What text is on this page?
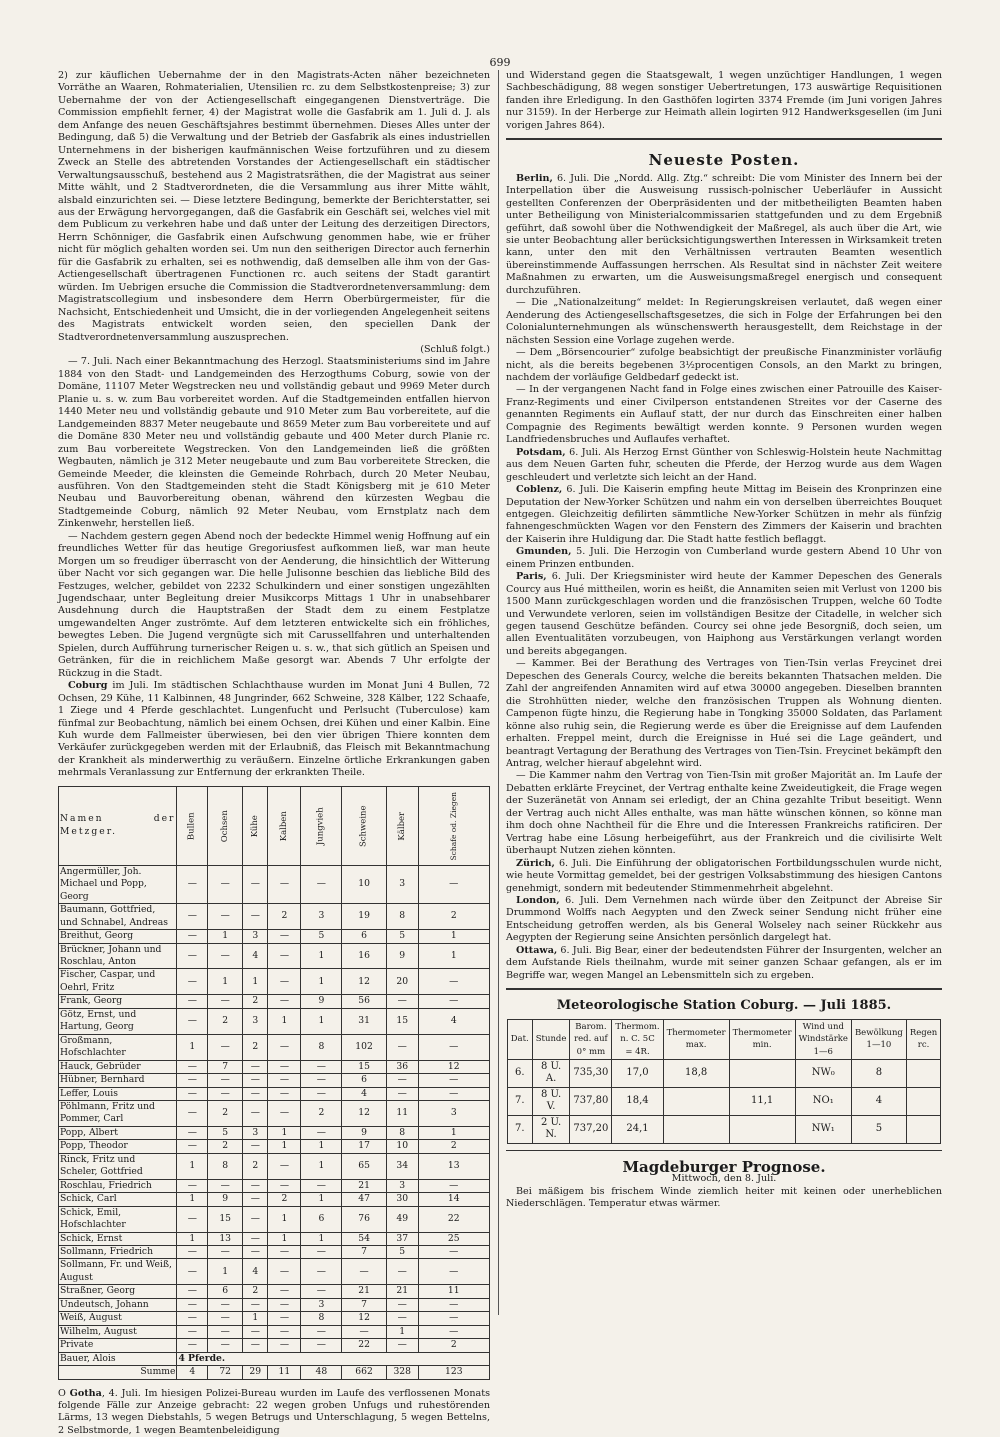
699

2) zur käuflichen Uebernahme der in den Magistrats-Acten näher bezeichneten Vorräthe an Waaren, Rohmaterialien, Utensilien rc. zu dem Selbstkostenpreise; 3) zur Uebernahme der von der Actiengesellschaft eingegangenen Dienstverträge. Die Commission empfiehlt ferner, 4) der Magistrat wolle die Gasfabrik am 1. Juli d. J. als dem Anfange des neuen Geschäftsjahres bestimmt übernehmen. Dieses Alles unter der Bedingung, daß 5) die Verwaltung und der Betrieb der Gasfabrik als eines industriellen Unternehmens in der bisherigen kaufmännischen Weise fortzuführen und zu diesem Zweck an Stelle des abtretenden Vorstandes der Actiengesellschaft ein städtischer Verwaltungsausschuß, bestehend aus 2 Magistratsräthen, die der Magistrat aus seiner Mitte wählt, und 2 Stadtverordneten, die die Versammlung aus ihrer Mitte wählt, alsbald einzurichten sei. — Diese letztere Bedingung, bemerkte der Berichterstatter, sei aus der Erwägung hervorgegangen, daß die Gasfabrik ein Geschäft sei, welches viel mit dem Publicum zu verkehren habe und daß unter der Leitung des derzeitigen Directors, Herrn Schönniger, die Gasfabrik einen Aufschwung genommen habe, wie er früher nicht für möglich gehalten worden sei. Um nun den seitherigen Director auch fernerhin für die Gasfabrik zu erhalten, sei es nothwendig, daß demselben alle ihm von der Gas-Actiengesellschaft übertragenen Functionen rc. auch seitens der Stadt garantirt würden. Im Uebrigen ersuche die Commission die Stadtverordnetenversammlung: dem Magistratscollegium und insbesondere dem Herrn Oberbürgermeister, für die Nachsicht, Entschiedenheit und Umsicht, die in der vorliegenden Angelegenheit seitens des Magistrats entwickelt worden seien, den speciellen Dank der Stadtverordnetenversammlung auszusprechen.

(Schluß folgt.)

— 7. Juli. Nach einer Bekanntmachung des Herzogl. Staatsministeriums sind im Jahre 1884 von den Stadt- und Landgemeinden des Herzogthums Coburg, sowie von der Domäne, 11107 Meter Wegstrecken neu und vollständig gebaut und 9969 Meter durch Planie u. s. w. zum Bau vorbereitet worden. Auf die Stadtgemeinden entfallen hiervon 1440 Meter neu und vollständig gebaute und 910 Meter zum Bau vorbereitete, auf die Landgemeinden 8837 Meter neugebaute und 8659 Meter zum Bau vorbereitete und auf die Domäne 830 Meter neu und vollständig gebaute und 400 Meter durch Planie rc. zum Bau vorbereitete Wegstrecken. Von den Landgemeinden ließ die größten Wegbauten, nämlich je 312 Meter neugebaute und zum Bau vorbereitete Strecken, die Gemeinde Meeder, die kleinsten die Gemeinde Rohrbach, durch 20 Meter Neubau, ausführen. Von den Stadtgemeinden steht die Stadt Königsberg mit je 610 Meter Neubau und Bauvorbereitung obenan, während den kürzesten Wegbau die Stadtgemeinde Coburg, nämlich 92 Meter Neubau, vom Ernstplatz nach dem Zinkenwehr, herstellen ließ.

— Nachdem gestern gegen Abend noch der bedeckte Himmel wenig Hoffnung auf ein freundliches Wetter für das heutige Gregoriusfest aufkommen ließ, war man heute Morgen um so freudiger überrascht von der Aenderung, die hinsichtlich der Witterung über Nacht vor sich gegangen war. Die helle Julisonne beschien das liebliche Bild des Festzuges, welcher, gebildet von 2232 Schulkindern und einer sonstigen ungezählten Jugendschaar, unter Begleitung dreier Musikcorps Mittags 1 Uhr in unabsehbarer Ausdehnung durch die Hauptstraßen der Stadt dem zu einem Festplatze umgewandelten Anger zuströmte. Auf dem letzteren entwickelte sich ein fröhliches, bewegtes Leben. Die Jugend vergnügte sich mit Carussellfahren und unterhaltenden Spielen, durch Aufführung turnerischer Reigen u. s. w., that sich gütlich an Speisen und Getränken, für die in reichlichem Maße gesorgt war. Abends 7 Uhr erfolgte der Rückzug in die Stadt.

Coburg im Juli. Im städtischen Schlachthause wurden im Monat Juni 4 Bullen, 72 Ochsen, 29 Kühe, 11 Kalbinnen, 48 Jungrinder, 662 Schweine, 328 Kälber, 122 Schaafe, 1 Ziege und 4 Pferde geschlachtet. Lungenfucht und Perlsucht (Tuberculose) kam fünfmal zur Beobachtung, nämlich bei einem Ochsen, drei Kühen und einer Kalbin. Eine Kuh wurde dem Fallmeister überwiesen, bei den vier übrigen Thiere konnten dem Verkäufer zurückgegeben werden mit der Erlaubniß, das Fleisch mit Bekanntmachung der Krankheit als minderwerthig zu veräußern. Einzelne örtliche Erkrankungen gaben mehrmals Veranlassung zur Entfernung der erkrankten Theile.

Namen der Metzger.	Bullen	Ochsen	Kühe	Kalben	Jungvieh	Schweine	Kälber	Schafe od. Ziegen
Angermüller, Joh. Michael und Popp, Georg	—	—	—	—	—	10	3	—
Baumann, Gottfried, und Schnabel, Andreas	—	—	—	2	3	19	8	2
Breithut, Georg	—	1	3	—	5	6	5	1
Brückner, Johann und Roschlau, Anton	—	—	4	—	1	16	9	1
Fischer, Caspar, und Oehrl, Fritz	—	1	1	—	1	12	20	—
Frank, Georg	—	—	2	—	9	56	—	—
Götz, Ernst, und Hartung, Georg	—	2	3	1	1	31	15	4
Großmann, Hofschlachter	1	—	2	—	8	102	—	—
Hauck, Gebrüder	—	7	—	—	—	15	36	12
Hübner, Bernhard	—	—	—	—	—	6	—	—
Leffer, Louis	—	—	—	—	—	4	—	—
Pöhlmann, Fritz und Pommer, Carl	—	2	—	—	2	12	11	3
Popp, Albert	—	5	3	1	—	9	8	1
Popp, Theodor	—	2	—	1	1	17	10	2
Rinck, Fritz und Scheler, Gottfried	1	8	2	—	1	65	34	13
Roschlau, Friedrich	—	—	—	—	—	21	3	—
Schick, Carl	1	9	—	2	1	47	30	14
Schick, Emil, Hofschlachter	—	15	—	1	6	76	49	22
Schick, Ernst	1	13	—	1	1	54	37	25
Sollmann, Friedrich	—	—	—	—	—	7	5	—
Sollmann, Fr. und Weiß, August	—	1	4	—	—	—	—	—
Straßner, Georg	—	6	2	—	—	21	21	11
Undeutsch, Johann	—	—	—	—	3	7	—	—
Weiß, August	—	—	1	—	8	12	—	—
Wilhelm, August	—	—	—	—	—	—	1	—
Private	—	—	—	—	—	22	—	2
Bauer, Alois	4 Pferde.							
Summe	4	72	29	11	48	662	328	123

O Gotha, 4. Juli. Im hiesigen Polizei-Bureau wurden im Laufe des verflossenen Monats folgende Fälle zur Anzeige gebracht: 22 wegen groben Unfugs und ruhestörenden Lärms, 13 wegen Diebstahls, 5 wegen Betrugs und Unterschlagung, 5 wegen Bettelns, 2 Selbstmorde, 1 wegen Beamtenbeleidigung

und Widerstand gegen die Staatsgewalt, 1 wegen unzüchtiger Handlungen, 1 wegen Sachbeschädigung, 88 wegen sonstiger Uebertretungen, 173 auswärtige Requisitionen fanden ihre Erledigung. In den Gasthöfen logirten 3374 Fremde (im Juni vorigen Jahres nur 3159). In der Herberge zur Heimath allein logirten 912 Handwerksgesellen (im Juni vorigen Jahres 864).

Neueste Posten.

Berlin, 6. Juli. Die „Nordd. Allg. Ztg.“ schreibt: Die vom Minister des Innern bei der Interpellation über die Ausweisung russisch-polnischer Ueberläufer in Aussicht gestellten Conferenzen der Oberpräsidenten und der mitbetheiligten Beamten haben unter Betheiligung von Ministerialcommissarien stattgefunden und zu dem Ergebniß geführt, daß sowohl über die Nothwendigkeit der Maßregel, als auch über die Art, wie sie unter Beobachtung aller berücksichtigungswerthen Interessen in Wirksamkeit treten kann, unter den mit den Verhältnissen vertrauten Beamten wesentlich übereinstimmende Auffassungen herrschen. Als Resultat sind in nächster Zeit weitere Maßnahmen zu erwarten, um die Ausweisungsmaßregel energisch und consequent durchzuführen.

— Die „Nationalzeitung“ meldet: In Regierungskreisen verlautet, daß wegen einer Aenderung des Actiengesellschaftsgesetzes, die sich in Folge der Erfahrungen bei den Colonialunternehmungen als wünschenswerth herausgestellt, dem Reichstage in der nächsten Session eine Vorlage zugehen werde.

— Dem „Börsencourier“ zufolge beabsichtigt der preußische Finanzminister vorläufig nicht, als die bereits begebenen 3½procentigen Consols, an den Markt zu bringen, nachdem der vorläufige Geldbedarf gedeckt ist.

— In der vergangenen Nacht fand in Folge eines zwischen einer Patrouille des Kaiser-Franz-Regiments und einer Civilperson entstandenen Streites vor der Caserne des genannten Regiments ein Auflauf statt, der nur durch das Einschreiten einer halben Compagnie des Regiments bewältigt werden konnte. 9 Personen wurden wegen Landfriedensbruches und Auflaufes verhaftet.

Potsdam, 6. Juli. Als Herzog Ernst Günther von Schleswig-Holstein heute Nachmittag aus dem Neuen Garten fuhr, scheuten die Pferde, der Herzog wurde aus dem Wagen geschleudert und verletzte sich leicht an der Hand.

Coblenz, 6. Juli. Die Kaiserin empfing heute Mittag im Beisein des Kronprinzen eine Deputation der New-Yorker Schützen und nahm ein von derselben überreichtes Bouquet entgegen. Gleichzeitig defilirten sämmtliche New-Yorker Schützen in mehr als fünfzig fahnengeschmückten Wagen vor den Fenstern des Zimmers der Kaiserin und brachten der Kaiserin ihre Huldigung dar. Die Stadt hatte festlich beflaggt.

Gmunden, 5. Juli. Die Herzogin von Cumberland wurde gestern Abend 10 Uhr von einem Prinzen entbunden.

Paris, 6. Juli. Der Kriegsminister wird heute der Kammer Depeschen des Generals Courcy aus Hué mittheilen, worin es heißt, die Annamiten seien mit Verlust von 1200 bis 1500 Mann zurückgeschlagen worden und die französischen Truppen, welche 60 Todte und Verwundete verloren, seien im vollständigen Besitze der Citadelle, in welcher sich gegen tausend Geschütze befänden. Courcy sei ohne jede Besorgniß, doch seien, um allen Eventualitäten vorzubeugen, von Haiphong aus Verstärkungen verlangt worden und bereits abgegangen.

— Kammer. Bei der Berathung des Vertrages von Tien-Tsin verlas Freycinet drei Depeschen des Generals Courcy, welche die bereits bekannten Thatsachen melden. Die Zahl der angreifenden Annamiten wird auf etwa 30000 angegeben. Dieselben brannten die Strohhütten nieder, welche den französischen Truppen als Wohnung dienten. Campenon fügte hinzu, die Regierung habe in Tongking 35000 Soldaten, das Parlament könne also ruhig sein, die Regierung werde es über die Ereignisse auf dem Laufenden erhalten. Freppel meint, durch die Ereignisse in Hué sei die Lage geändert, und beantragt Vertagung der Berathung des Vertrages von Tien-Tsin. Freycinet bekämpft den Antrag, welcher hierauf abgelehnt wird.

— Die Kammer nahm den Vertrag von Tien-Tsin mit großer Majorität an. Im Laufe der Debatten erklärte Freycinet, der Vertrag enthalte keine Zweideutigkeit, die Frage wegen der Suzeränetät von Annam sei erledigt, der an China gezahlte Tribut beseitigt. Wenn der Vertrag auch nicht Alles enthalte, was man hätte wünschen können, so könne man ihm doch ohne Nachtheil für die Ehre und die Interessen Frankreichs ratificiren. Der Vertrag habe eine Lösung herbeigeführt, aus der Frankreich und die civilisirte Welt überhaupt Nutzen ziehen könnten.

Zürich, 6. Juli. Die Einführung der obligatorischen Fortbildungsschulen wurde nicht, wie heute Vormittag gemeldet, bei der gestrigen Volksabstimmung des hiesigen Cantons genehmigt, sondern mit bedeutender Stimmenmehrheit abgelehnt.

London, 6. Juli. Dem Vernehmen nach würde über den Zeitpunct der Abreise Sir Drummond Wolffs nach Aegypten und den Zweck seiner Sendung nicht früher eine Entscheidung getroffen werden, als bis General Wolseley nach seiner Rückkehr aus Aegypten der Regierung seine Ansichten persönlich dargelegt hat.

Ottawa, 6. Juli. Big Bear, einer der bedeutendsten Führer der Insurgenten, welcher an dem Aufstande Riels theilnahm, wurde mit seiner ganzen Schaar gefangen, als er im Begriffe war, wegen Mangel an Lebensmitteln sich zu ergeben.

Meteorologische Station Coburg. — Juli 1885.
Dat.	Stunde	Barom. red. auf 0° mm	Thermom. n. C. 5C = 4R.	Thermometer max.	Thermometer min.	Wind und Windstärke 1—6	Bewölkung 1—10	Regen rc.
6.	8 U. A.	735,30	17,0	18,8		NW₀	8	
7.	8 U. V.	737,80	18,4		11,1	NO₁	4	
7.	2 U. N.	737,20	24,1			NW₁	5	
Magdeburger Prognose.
Mittwoch, den 8. Juli.

Bei mäßigem bis frischem Winde ziemlich heiter mit keinen oder unerheblichen Niederschlägen. Temperatur etwas wärmer.
